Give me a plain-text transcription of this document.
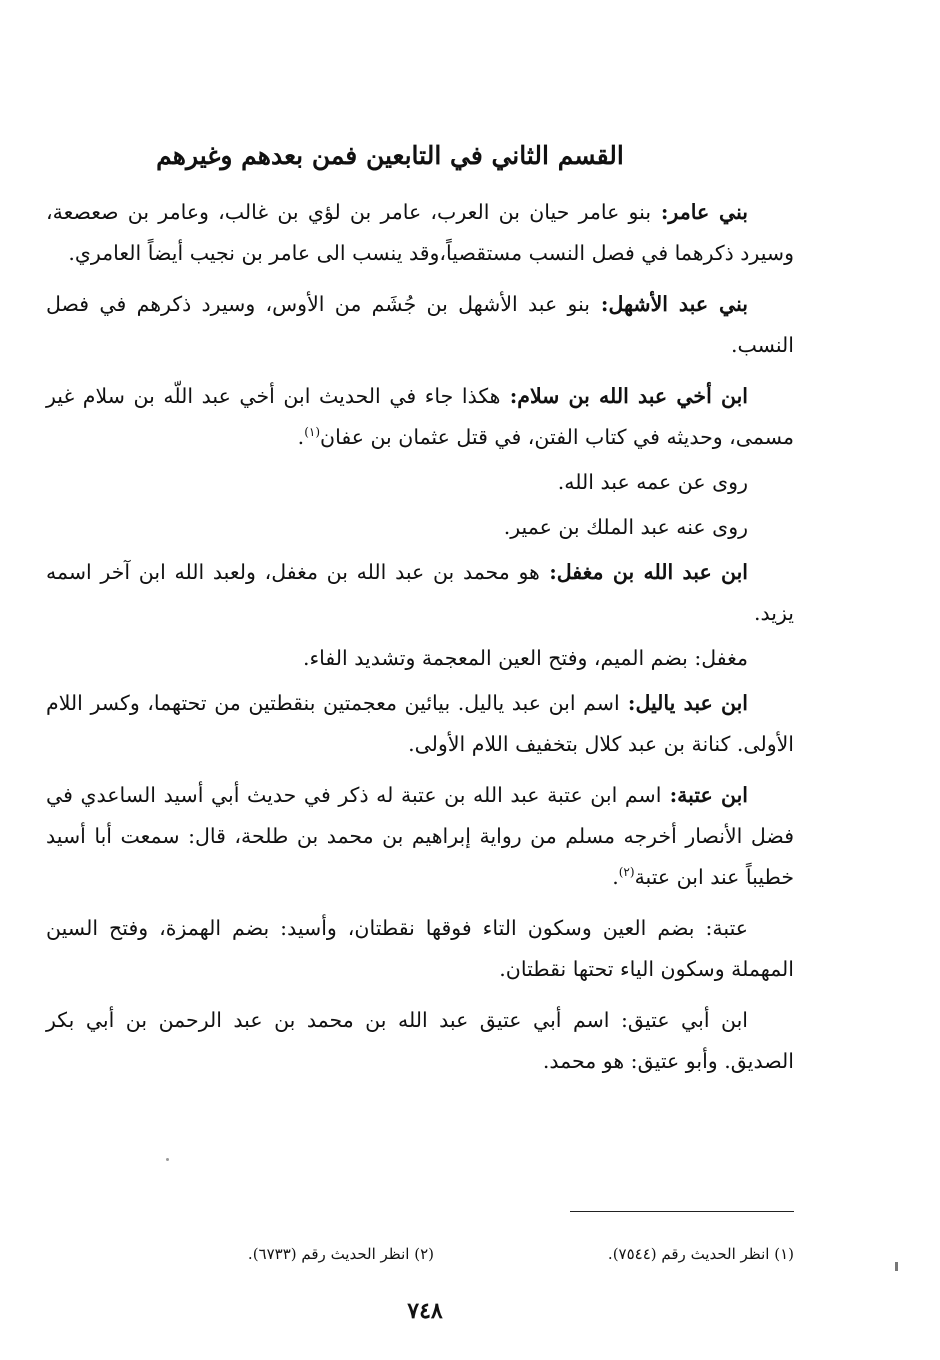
القسم الثاني في التابعين فمن بعدهم وغيرهم

بني عامر: بنو عامر حيان بن العرب، عامر بن لؤي بن غالب، وعامر بن صعصعة، وسيرد ذكرهما في فصل النسب مستقصياً،وقد ينسب الى عامر بن نجيب أيضاً العامري.

بني عبد الأشهل: بنو عبد الأشهل بن جُشَم من الأوس، وسيرد ذكرهم في فصل النسب.

ابن أخي عبد الله بن سلام: هكذا جاء في الحديث ابن أخي عبد اللّه بن سلام غير مسمى، وحديثه في كتاب الفتن، في قتل عثمان بن عفان$^{(١)}$.

روى عن عمه عبد الله.

روى عنه عبد الملك بن عمير.

ابن عبد الله بن مغفل: هو محمد بن عبد الله بن مغفل، ولعبد الله ابن آخر اسمه يزيد.

مغفل: بضم الميم، وفتح العين المعجمة وتشديد الفاء.

ابن عبد ياليل: اسم ابن عبد ياليل. بيائين معجمتين بنقطتين من تحتهما، وكسر اللام الأولى. كنانة بن عبد كلال بتخفيف اللام الأولى.

ابن عتبة: اسم ابن عتبة عبد الله بن عتبة له ذكر في حديث أبي أسيد الساعدي في فضل الأنصار أخرجه مسلم من رواية إبراهيم بن محمد بن طلحة، قال: سمعت أبا أسيد خطيباً عند ابن عتبة$^{(٢)}$.

عتبة: بضم العين وسكون التاء فوقها نقطتان، وأسيد: بضم الهمزة، وفتح السين المهملة وسكون الياء تحتها نقطتان.

ابن أبي عتيق: اسم أبي عتيق عبد الله بن محمد بن عبد الرحمن بن أبي بكر الصديق. وأبو عتيق: هو محمد.

(١) انظر الحديث رقم (٧٥٤٤).
(٢) انظر الحديث رقم (٦٧٣٣).
٧٤٨
